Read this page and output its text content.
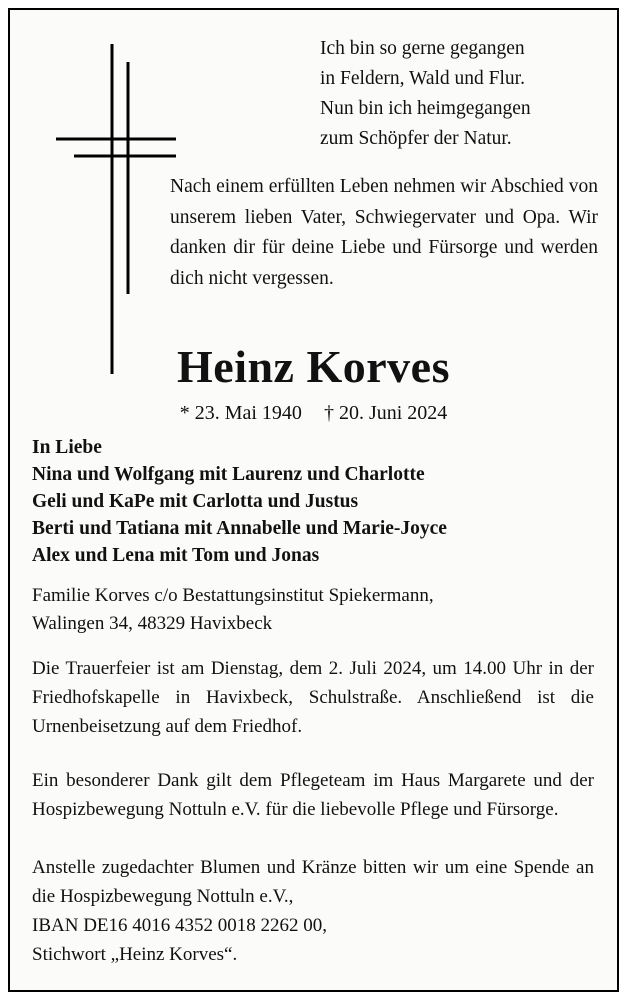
Ich bin so gerne gegangen
in Feldern, Wald und Flur.
Nun bin ich heimgegangen
zum Schöpfer der Natur.
Nach einem erfüllten Leben nehmen wir Abschied von unserem lieben Vater, Schwiegervater und Opa. Wir danken dir für deine Liebe und Fürsorge und werden dich nicht vergessen.
Heinz Korves
* 23. Mai 1940 † 20. Juni 2024
In Liebe
Nina und Wolfgang mit Laurenz und Charlotte
Geli und KaPe mit Carlotta und Justus
Berti und Tatiana mit Annabelle und Marie-Joyce
Alex und Lena mit Tom und Jonas
Familie Korves c/o Bestattungsinstitut Spiekermann,
Walingen 34, 48329 Havixbeck
Die Trauerfeier ist am Dienstag, dem 2. Juli 2024, um 14.00 Uhr in der Friedhofskapelle in Havixbeck, Schulstraße. Anschließend ist die Urnenbeisetzung auf dem Friedhof.
Ein besonderer Dank gilt dem Pflegeteam im Haus Margarete und der Hospizbewegung Nottuln e.V. für die liebevolle Pflege und Fürsorge.
Anstelle zugedachter Blumen und Kränze bitten wir um eine Spende an die Hospizbewegung Nottuln e.V.,
IBAN DE16 4016 4352 0018 2262 00,
Stichwort „Heinz Korves“.
